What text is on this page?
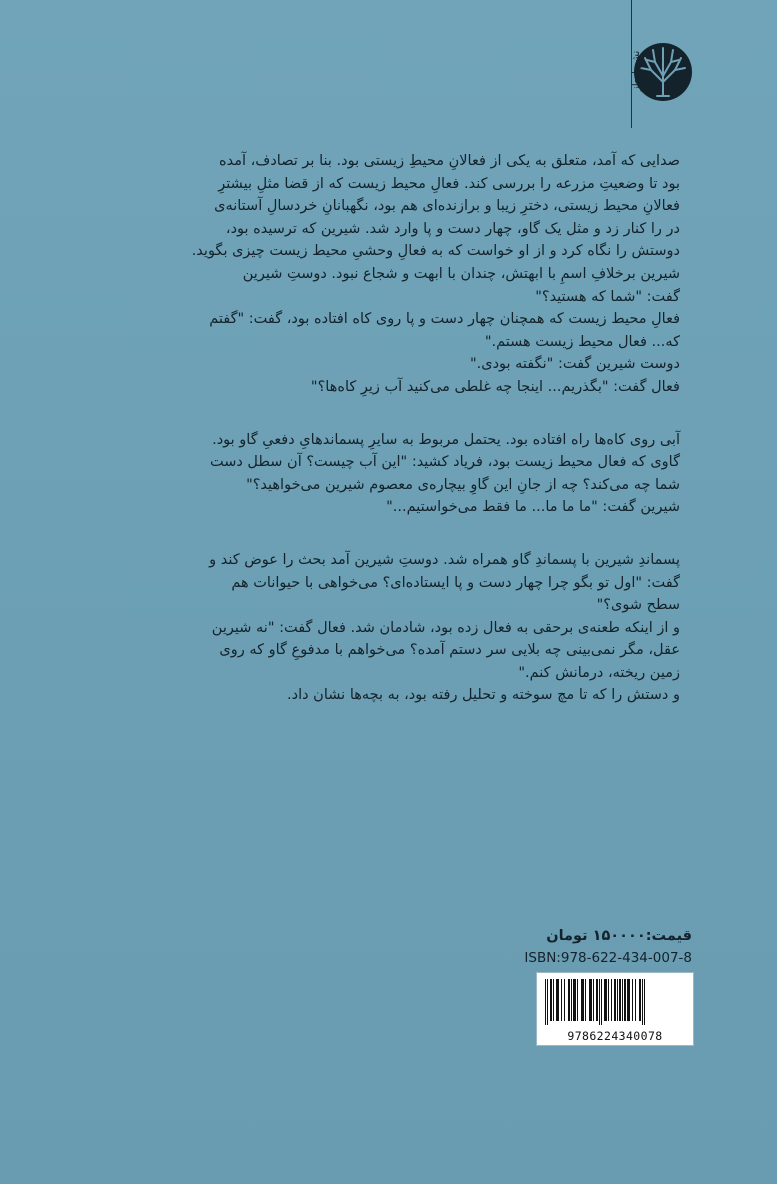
نشر ایجاز

صدایی که آمد، متعلق به یکی از فعالانِ محیطِ زیستی بود. بنا بر تصادف، آمده
بود تا وضعیتِ مزرعه را بررسی کند. فعالِ محیط زیست که از قضا مثلِ بیشترِ
فعالانِ محیط زیستی، دخترِ زیبا و برازنده‌ای هم بود، نگهبانانِ خردسالِ آستانه‌ی
در را کنار زد و مثل یک گاو، چهار دست و پا وارد شد. شیرین که ترسیده بود،
دوستش را نگاه کرد و از او خواست که به فعالِ وحشیِ محیط زیست چیزی بگوید.
شیرین برخلافِ اسمِ با ابهتش، چندان با ابهت و شجاع نبود. دوستِ شیرین
گفت: "شما که هستید؟"
فعالِ محیط زیست که همچنان چهار دست و پا روی کاه افتاده بود، گفت: "گفتم
که... فعال محیط زیست هستم."
دوست شیرین گفت: "نگفته بودی."
فعال گفت: "بگذریم... اینجا چه غلطی می‌کنید آب زیرِ کاه‌ها؟"

آبی روی کاه‌ها راه افتاده بود. یحتمل مربوط به سایرِ پسماندهایِ دفعیِ گاو بود.
گاوی که فعال محیط زیست بود، فریاد کشید: "این آب چیست؟ آن سطل دست
شما چه می‌کند؟ چه از جانِ این گاوِ بیچاره‌ی معصوم شیرین می‌خواهید؟"
شیرین گفت: "ما ما ما... ما فقط می‌خواستیم..."

پسماندِ شیرین با پسماندِ گاو همراه شد. دوستِ شیرین آمد بحث را عوض کند و
گفت: "اول تو بگو چرا چهار دست و پا ایستاده‌ای؟ می‌خواهی با حیوانات هم
سطح شوی؟"
و از اینکه طعنه‌ی برحقی به فعال زده بود، شادمان شد. فعال گفت: "نه شیرین
عقل، مگر نمی‌بینی چه بلایی سر دستم آمده؟ می‌خواهم با مدفوعِ گاو که روی
زمین ریخته، درمانش کنم."
و دستش را که تا مچ سوخته و تحلیل رفته بود، به بچه‌ها نشان داد.

قیمت:۱۵۰۰۰۰ تومان
ISBN:978-622-434-007-8
9786224340078
